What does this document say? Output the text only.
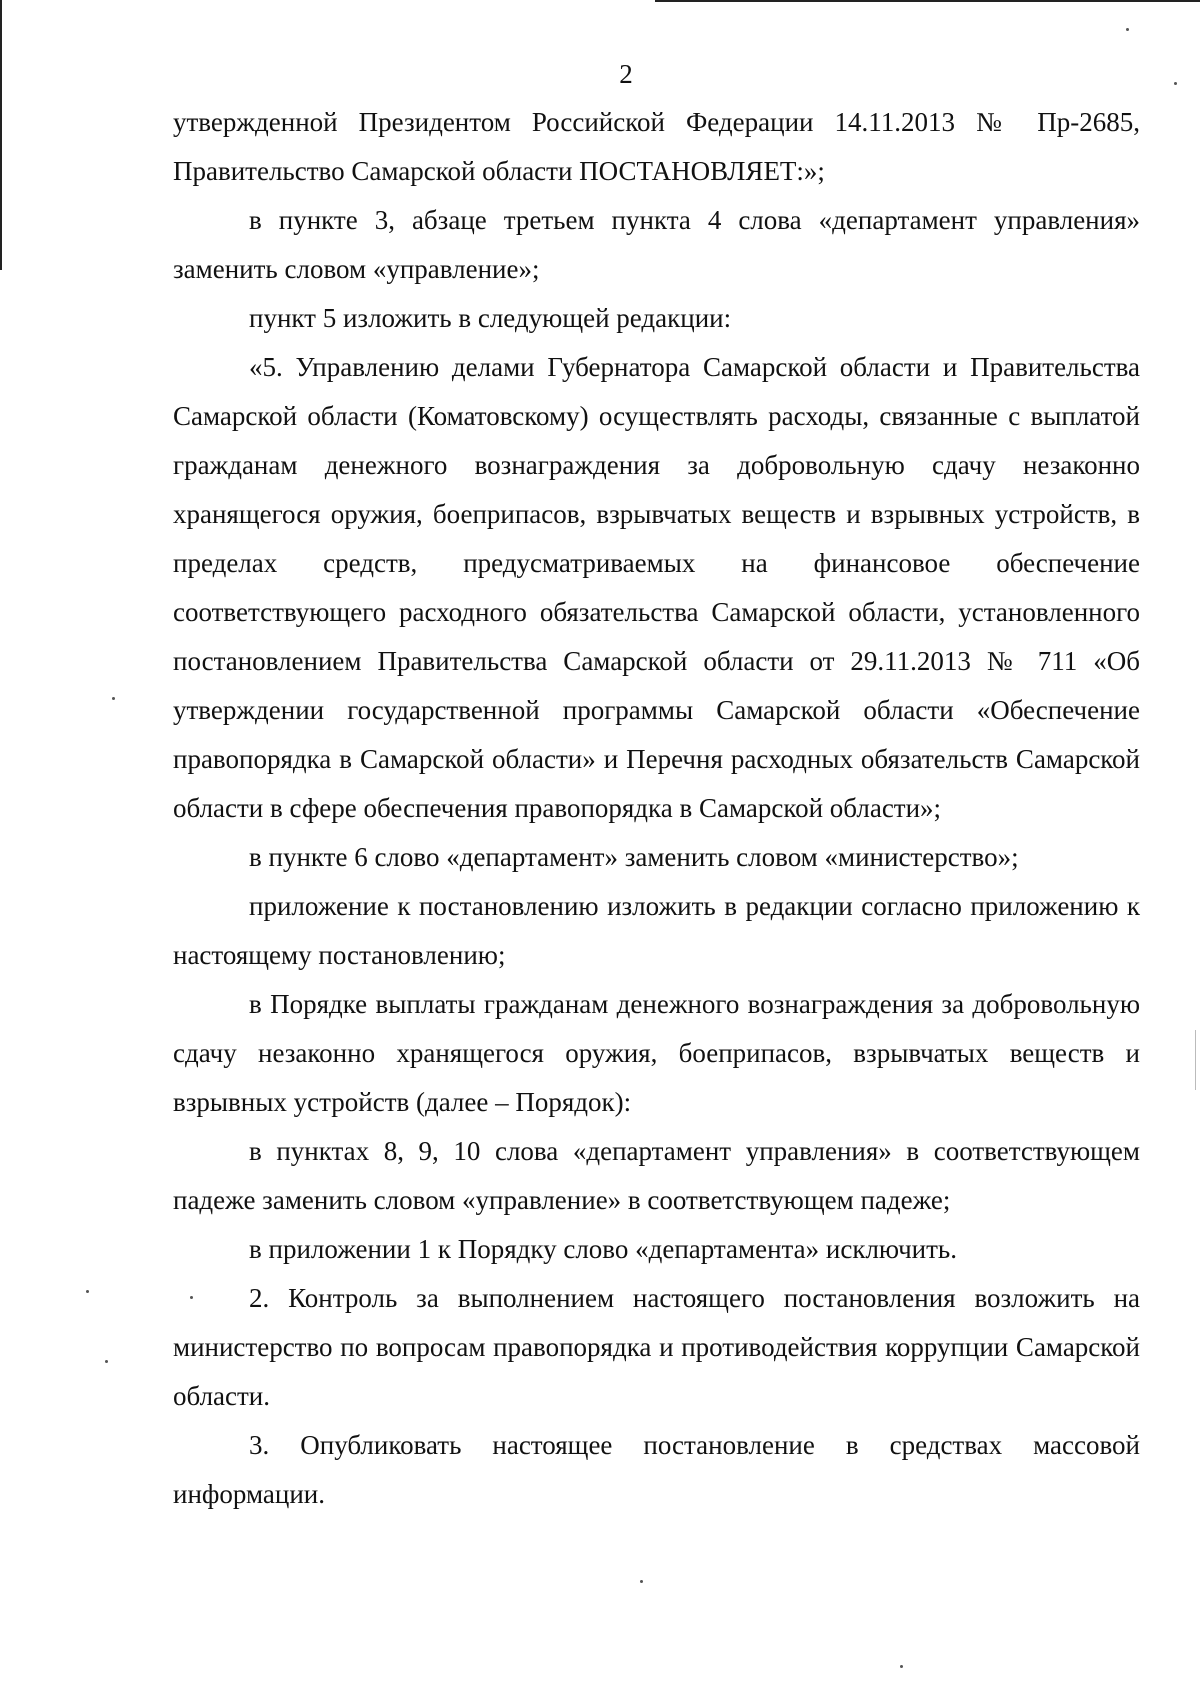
2

утвержденной Президентом Российской Федерации 14.11.2013 № Пр-2685, Правительство Самарской области ПОСТАНОВЛЯЕТ:»;

в пункте 3, абзаце третьем пункта 4 слова «департамент управления» заменить словом «управление»;

пункт 5 изложить в следующей редакции:

«5. Управлению делами Губернатора Самарской области и Правительства Самарской области (Коматовскому) осуществлять расходы, связанные с выплатой гражданам денежного вознаграждения за добровольную сдачу незаконно хранящегося оружия, боеприпасов, взрывчатых веществ и взрывных устройств, в пределах средств, предусматриваемых на финансовое обеспечение соответствующего расходного обязательства Самарской области, установленного постановлением Правительства Самарской области от 29.11.2013 № 711 «Об утверждении государственной программы Самарской области «Обеспечение правопорядка в Самарской области» и Перечня расходных обязательств Самарской области в сфере обеспечения правопорядка в Самарской области»;

в пункте 6 слово «департамент» заменить словом «министерство»;

приложение к постановлению изложить в редакции согласно приложению к настоящему постановлению;

в Порядке выплаты гражданам денежного вознаграждения за добровольную сдачу незаконно хранящегося оружия, боеприпасов, взрывчатых веществ и взрывных устройств (далее – Порядок):

в пунктах 8, 9, 10 слова «департамент управления» в соответствующем падеже заменить словом «управление» в соответствующем падеже;

в приложении 1 к Порядку слово «департамента» исключить.

2. Контроль за выполнением настоящего постановления возложить на министерство по вопросам правопорядка и противодействия коррупции Самарской области.

3. Опубликовать настоящее постановление в средствах массовой информации.
